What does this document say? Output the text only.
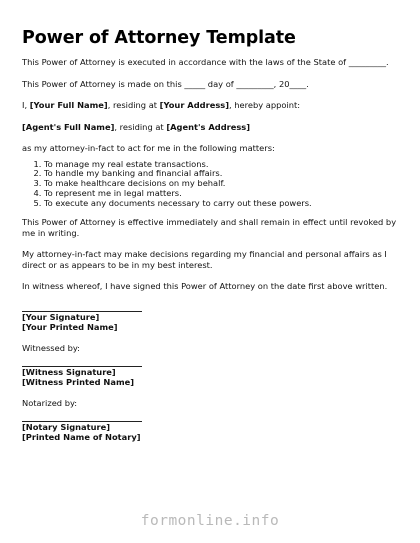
Power of Attorney Template

This Power of Attorney is executed in accordance with the laws of the State of _________.

This Power of Attorney is made on this _____ day of _________, 20____.

I, [Your Full Name], residing at [Your Address], hereby appoint:

[Agent's Full Name], residing at [Agent's Address]

as my attorney-in-fact to act for me in the following matters:

1. To manage my real estate transactions.
2. To handle my banking and financial affairs.
3. To make healthcare decisions on my behalf.
4. To represent me in legal matters.
5. To execute any documents necessary to carry out these powers.

This Power of Attorney is effective immediately and shall remain in effect until revoked by me in writing.

My attorney-in-fact may make decisions regarding my financial and personal affairs as I direct or as appears to be in my best interest.

In witness whereof, I have signed this Power of Attorney on the date first above written.

[Your Signature]

[Your Printed Name]

Witnessed by:

[Witness Signature]

[Witness Printed Name]

Notarized by:

[Notary Signature]

[Printed Name of Notary]

formonline.info
